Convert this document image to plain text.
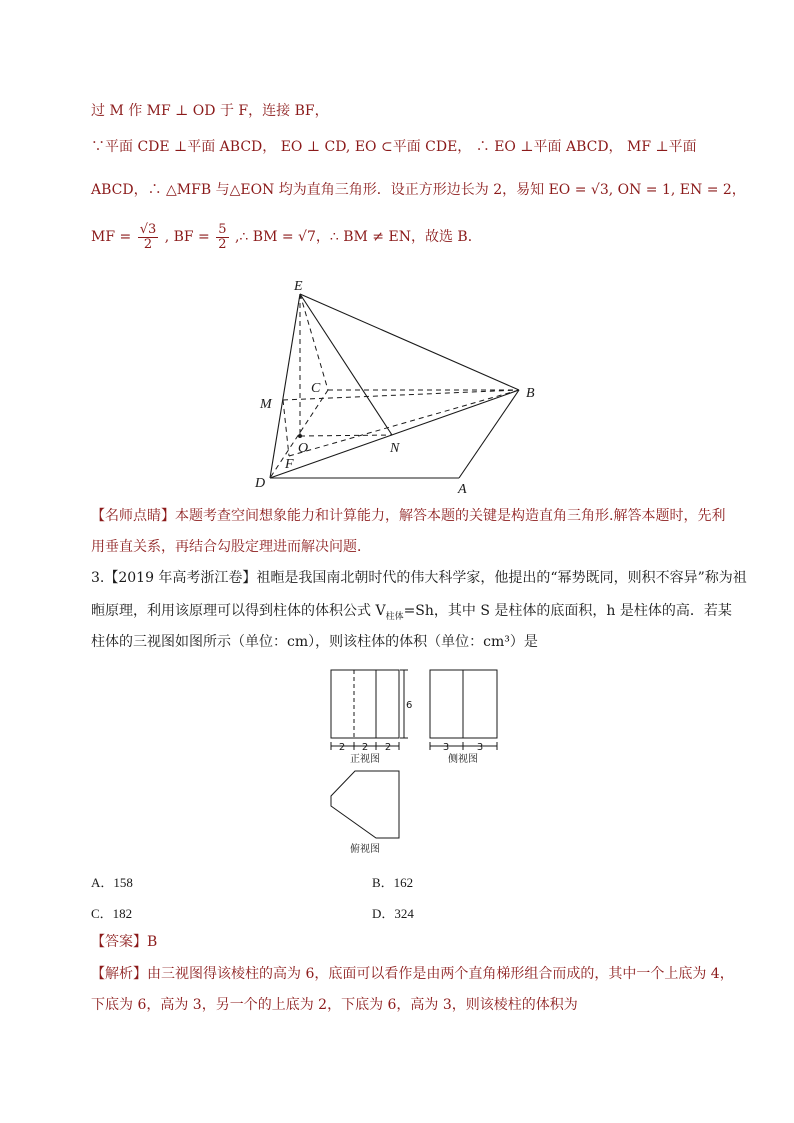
过 M 作 MF ⊥ OD 于 F，连接 BF，
∵平面 CDE ⊥平面 ABCD， EO ⊥ CD, EO ⊂平面 CDE， ∴ EO ⊥平面 ABCD， MF ⊥平面
ABCD，∴ △MFB 与△EON 均为直角三角形．设正方形边长为 2，易知 EO = √3, ON = 1, EN = 2，
MF = $\frac{√3}{2}$ , BF = $\frac{5}{2}$ ,∴ BM = √7，∴ BM ≠ EN，故选 B．
E
C	B
M
O	N
F
D	A
【名师点睛】本题考查空间想象能力和计算能力，解答本题的关键是构造直角三角形.解答本题时，先利
用垂直关系，再结合勾股定理进而解决问题．
3.【2019 年高考浙江卷】祖暅是我国南北朝时代的伟大科学家，他提出的“幂势既同，则积不容异”称为祖
暅原理，利用该原理可以得到柱体的体积公式 $V_{柱体}=Sh$，其中 S 是柱体的底面积，h 是柱体的高．若某
柱体的三视图如图所示（单位：cm），则该柱体的体积（单位：cm³）是
6
2 2 2	3	3
正视图	侧视图
俯视图
A．158	B．162
C．182	D．324
【答案】B
【解析】由三视图得该棱柱的高为 6，底面可以看作是由两个直角梯形组合而成的，其中一个上底为 4，
下底为 6，高为 3，另一个的上底为 2，下底为 6，高为 3，则该棱柱的体积为
